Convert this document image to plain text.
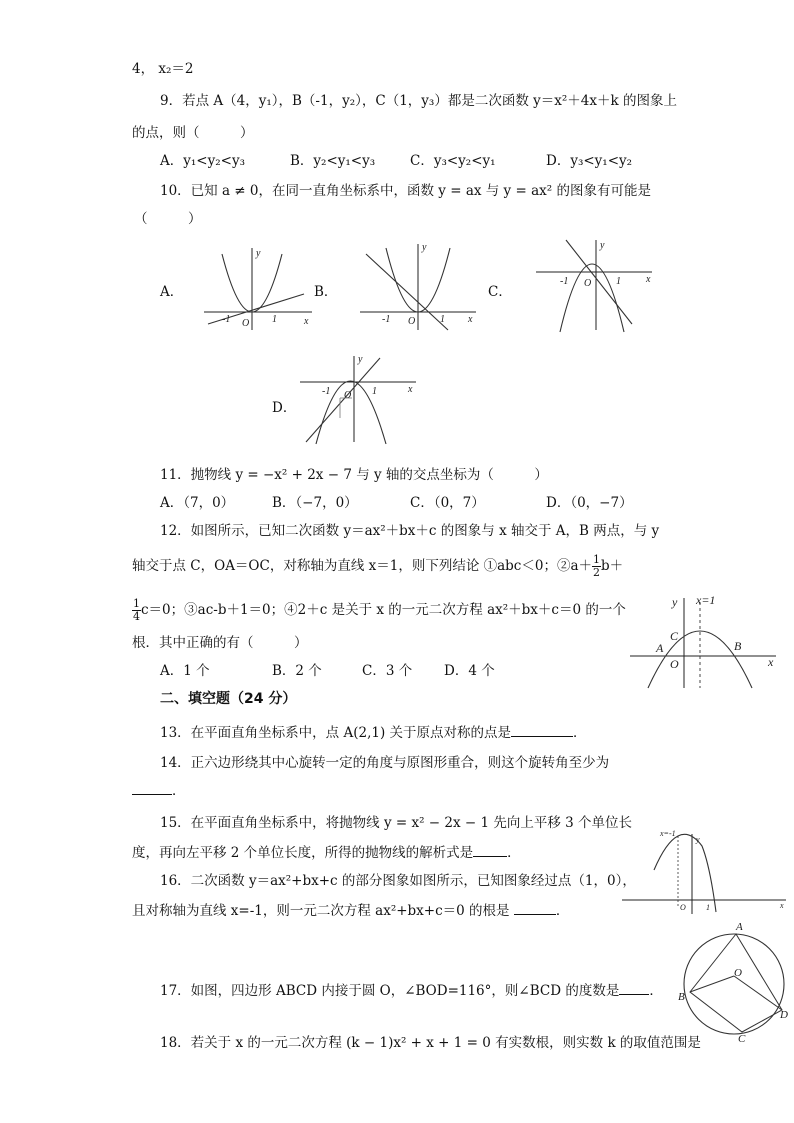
4， x₂＝2
9．若点 A（4，y₁），B（-1，y₂），C（1，y₃）都是二次函数 y＝x²＋4x＋k 的图象上
的点，则（　　　）
A．y₁<y₂<y₃	B．y₂<y₁<y₃	C．y₃<y₂<y₁	D．y₃<y₁<y₂
10．已知 a ≠ 0，在同一直角坐标系中，函数 y = ax 与 y = ax² 的图象有可能是
（　　　）
A．	B．	C．
D．
y
x
O
-1	1
y
x
O
-1	1
y
x
O
-1	1
y
x
O
-1	1
11．抛物线 y = −x² + 2x − 7 与 y 轴的交点坐标为（　　　）
A．（7，0）	B．（−7，0）	C．（0，7）	D．（0，−7）
12．如图所示，已知二次函数 y＝ax²＋bx＋c 的图象与 x 轴交于 A，B 两点，与 y
轴交于点 C，OA＝OC，对称轴为直线 x＝1，则下列结论 ①abc＜0；②a＋ $\frac{1}{2} b+$
$\frac{1}{4} c=0$；③ac-b＋1＝0；④2＋c 是关于 x 的一元二次方程 ax²＋bx＋c＝0 的一个
根．其中正确的有（　　　）
A．1 个	B．2 个	C．3 个 D．4 个
y x=1
x
C
A
O
B
二、填空题（24 分）
13．在平面直角坐标系中，点 A(2,1) 关于原点对称的点是	．
14．正六边形绕其中心旋转一定的角度与原图形重合，则这个旋转角至少为
．
15．在平面直角坐标系中，将抛物线 y = x² − 2x − 1 先向上平移 3 个单位长
度，再向左平移 2 个单位长度，所得的抛物线的解析式是	．
16．二次函数 y＝ax²+bx+c 的部分图象如图所示，已知图象经过点（1，0），
且对称轴为直线 x=-1，则一元二次方程 ax²+bx+c＝0 的根是	．
x=-1
y
x
O	1
17．如图，四边形 ABCD 内接于圆 O，∠BOD=116°，则∠BCD 的度数是 ．
A
B
C
D
O
18．若关于 x 的一元二次方程 (k − 1)x² + x + 1 = 0 有实数根，则实数 k 的取值范围是
